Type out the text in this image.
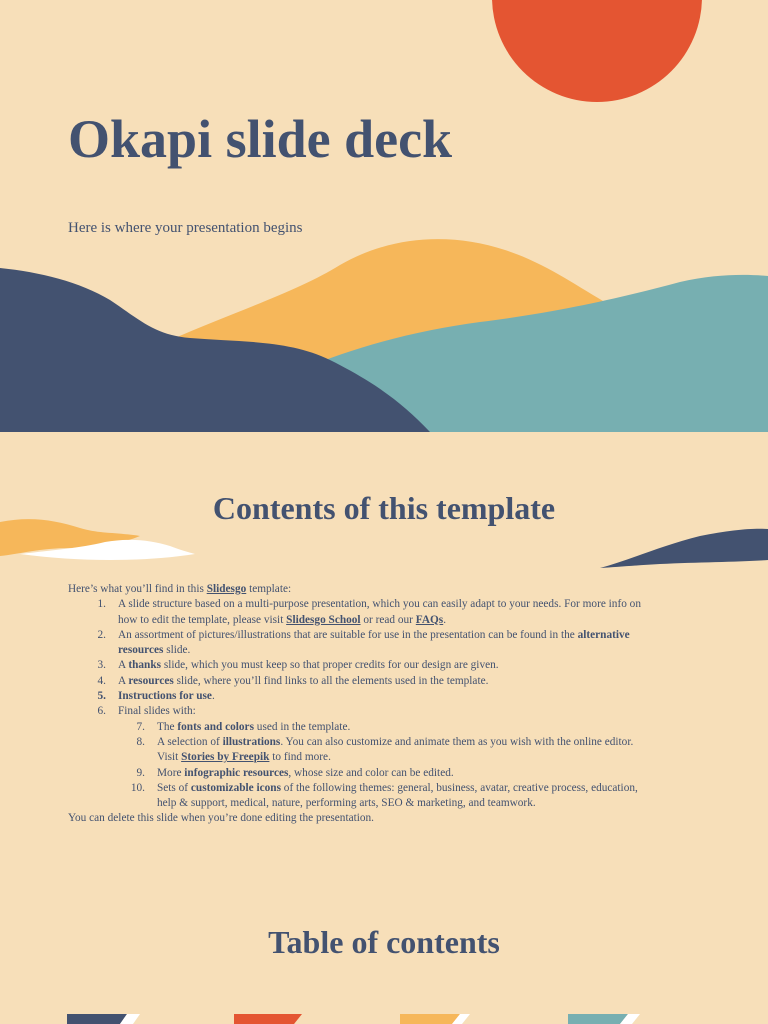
Okapi slide deck
Here is where your presentation begins
Contents of this template

Here’s what you’ll find in this Slidesgo template:

1.	A slide structure based on a multi-purpose presentation, which you can easily adapt to your needs. For more info on
how to edit the template, please visit Slidesgo School or read our FAQs.
2.	An assortment of pictures/illustrations that are suitable for use in the presentation can be found in the alternative
resources slide.
3.	A thanks slide, which you must keep so that proper credits for our design are given.
4.	A resources slide, where you’ll find links to all the elements used in the template.
5.	Instructions for use.
6.	Final slides with:
7.	The fonts and colors used in the template.
8.	A selection of illustrations. You can also customize and animate them as you wish with the online editor.
Visit Stories by Freepik to find more.
9.	More infographic resources, whose size and color can be edited.
10.	Sets of customizable icons of the following themes: general, business, avatar, creative process, education,
help & support, medical, nature, performing arts, SEO & marketing, and teamwork.

You can delete this slide when you’re done editing the presentation.

Table of contents
